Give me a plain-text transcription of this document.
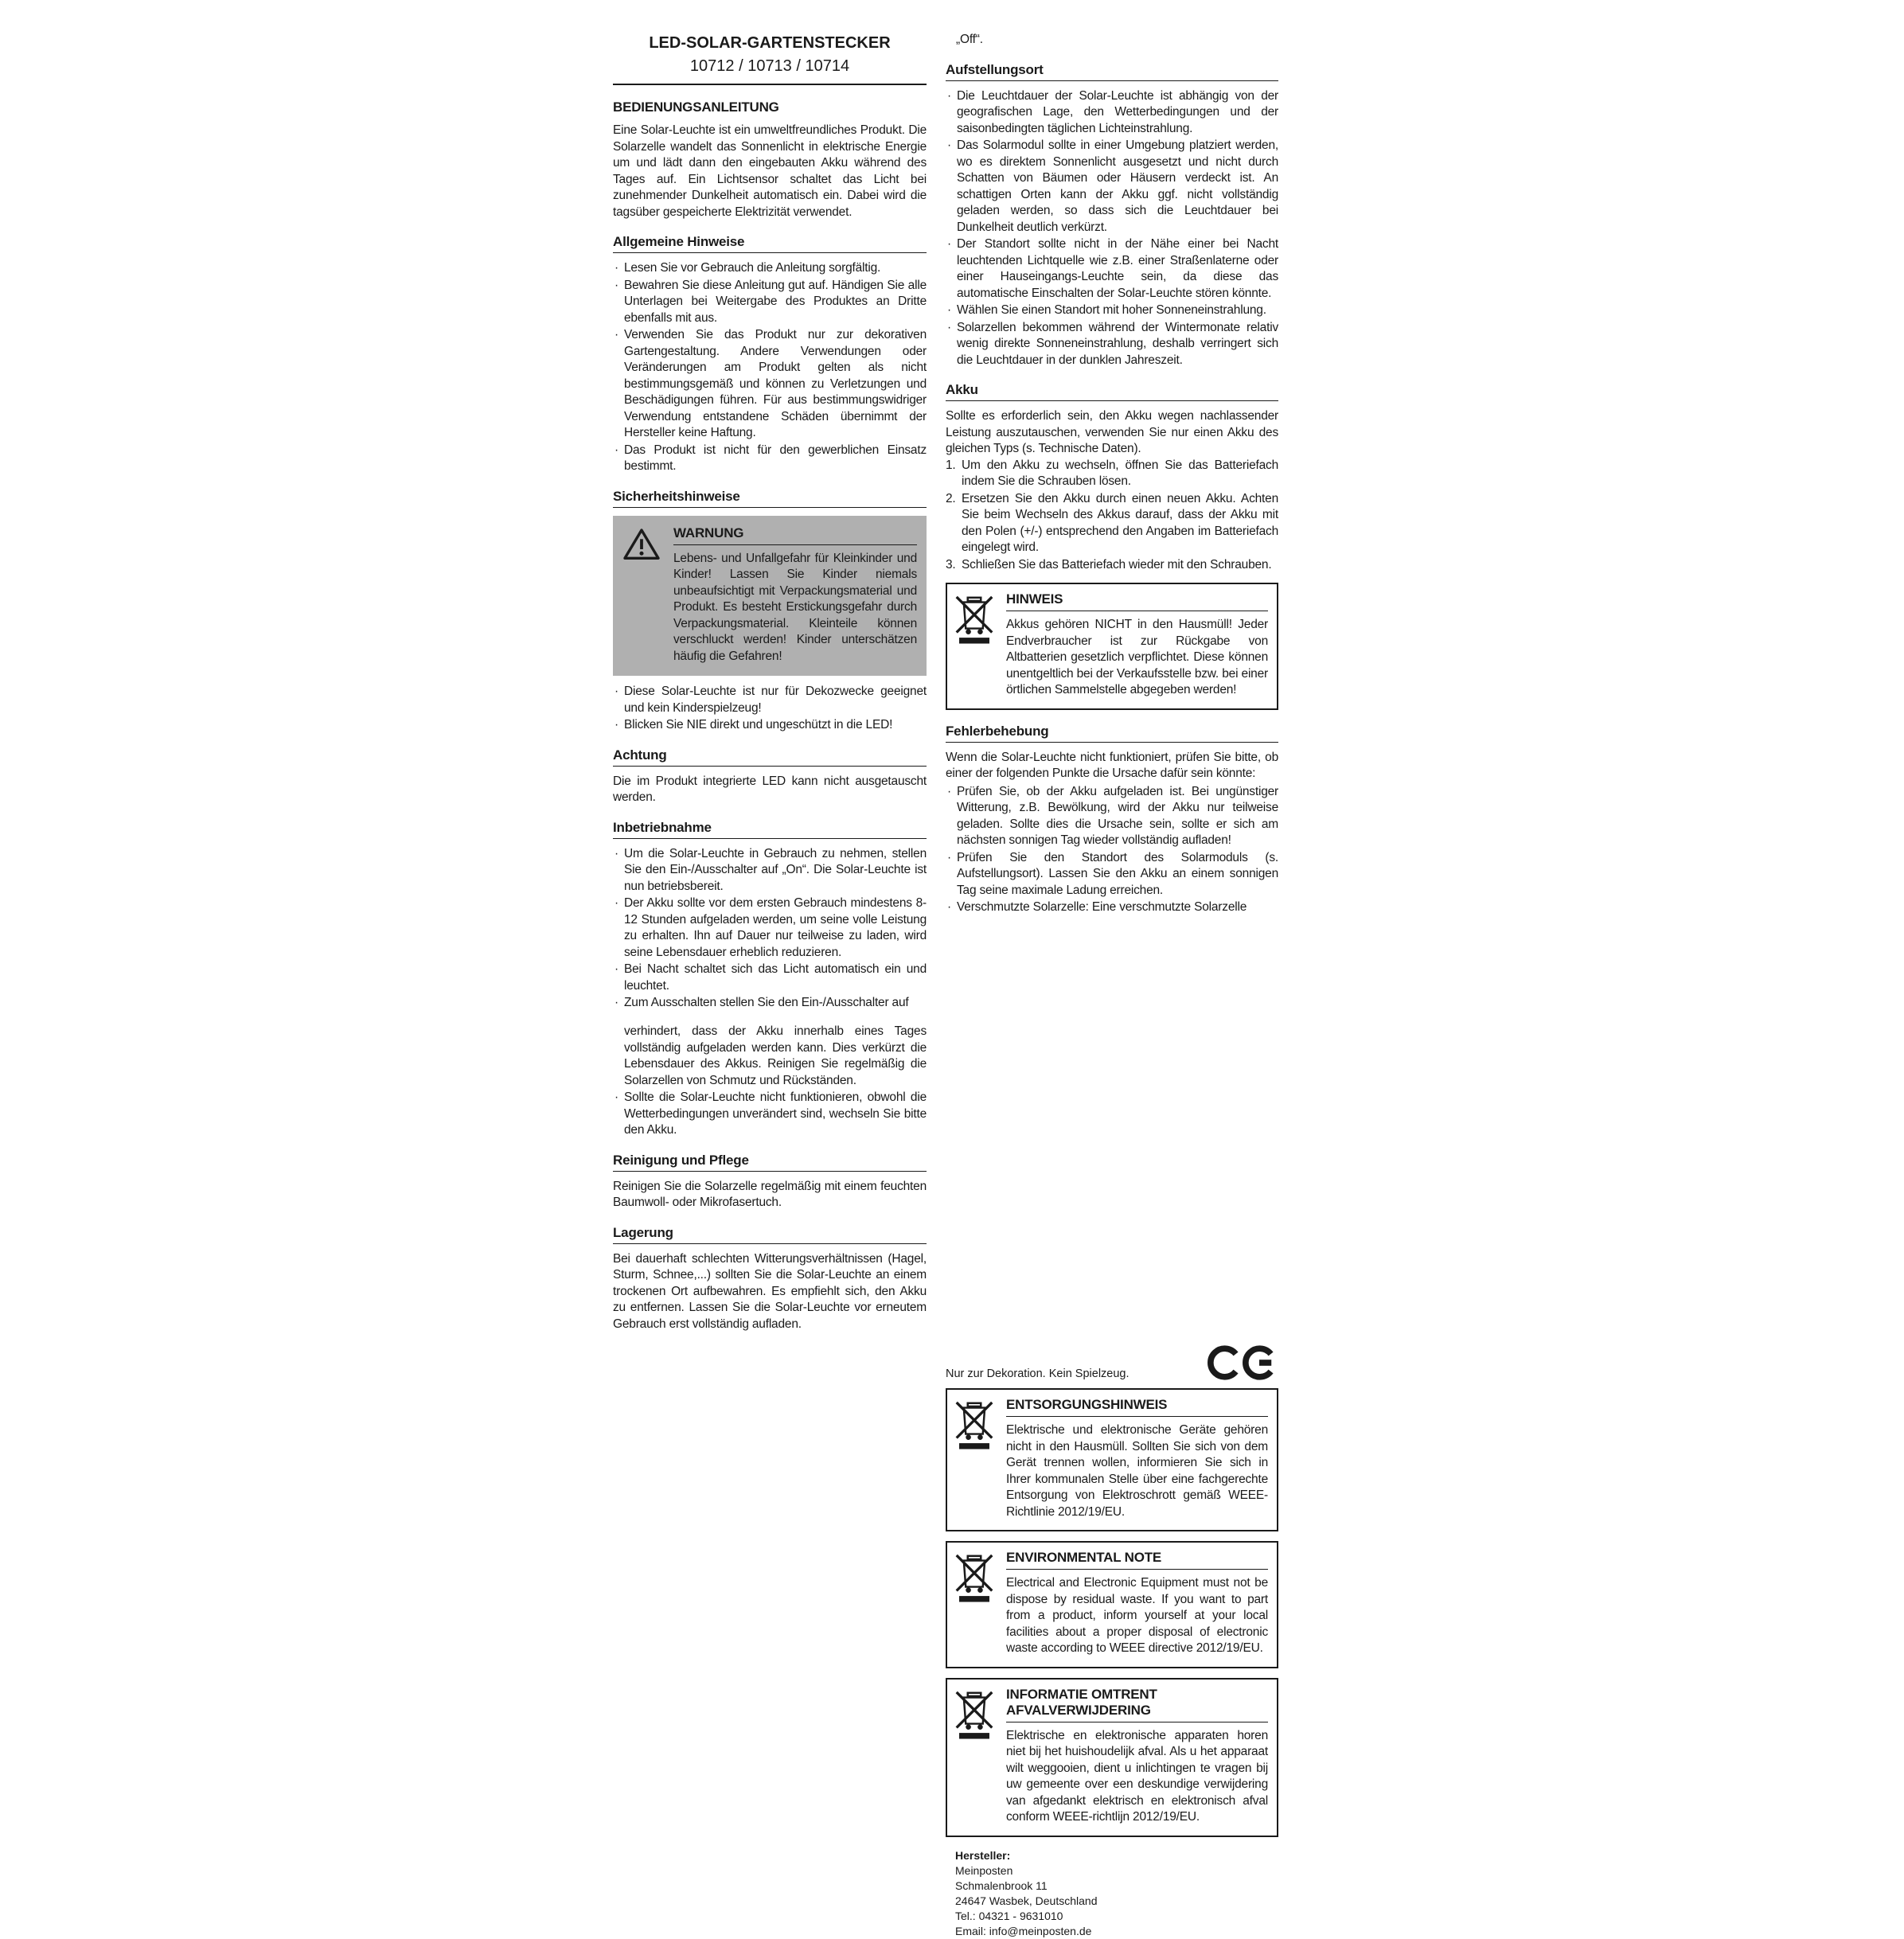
LED-SOLAR-GARTENSTECKER
10712 / 10713 / 10714
BEDIENUNGSANLEITUNG

Eine Solar-Leuchte ist ein umweltfreundliches Produkt. Die Solarzelle wandelt das Sonnenlicht in elektrische Energie um und lädt dann den eingebauten Akku während des Tages auf. Ein Lichtsensor schaltet das Licht bei zunehmender Dunkelheit automatisch ein. Dabei wird die tagsüber gespeicherte Elektrizität verwendet.

Allgemeine Hinweise
· Lesen Sie vor Gebrauch die Anleitung sorgfältig.
· Bewahren Sie diese Anleitung gut auf. Händigen Sie alle Unterlagen bei Weitergabe des Produktes an Dritte ebenfalls mit aus.
· Verwenden Sie das Produkt nur zur dekorativen Gartengestaltung. Andere Verwendungen oder Veränderungen am Produkt gelten als nicht bestimmungsgemäß und können zu Verletzungen und Beschädigungen führen. Für aus bestimmungswidriger Verwendung entstandene Schäden übernimmt der Hersteller keine Haftung.
· Das Produkt ist nicht für den gewerblichen Einsatz bestimmt.
Sicherheitshinweise
WARNUNG

Lebens- und Unfallgefahr für Kleinkinder und Kinder! Lassen Sie Kinder niemals unbeaufsichtigt mit Verpackungsmaterial und Produkt. Es besteht Erstickungsgefahr durch Verpackungsmaterial. Kleinteile können verschluckt werden! Kinder unterschätzen häufig die Gefahren!

· Diese Solar-Leuchte ist nur für Dekozwecke geeignet und kein Kinderspielzeug!
· Blicken Sie NIE direkt und ungeschützt in die LED!
Achtung

Die im Produkt integrierte LED kann nicht ausgetauscht werden.

Inbetriebnahme
· Um die Solar-Leuchte in Gebrauch zu nehmen, stellen Sie den Ein-/Ausschalter auf „On“. Die Solar-Leuchte ist nun betriebsbereit.
· Der Akku sollte vor dem ersten Gebrauch mindestens 8-12 Stunden aufgeladen werden, um seine volle Leistung zu erhalten. Ihn auf Dauer nur teilweise zu laden, wird seine Lebensdauer erheblich reduzieren.
· Bei Nacht schaltet sich das Licht automatisch ein und leuchtet.
· Zum Ausschalten stellen Sie den Ein-/Ausschalter auf
verhindert, dass der Akku innerhalb eines Tages vollständig aufgeladen werden kann. Dies verkürzt die Lebensdauer des Akkus. Reinigen Sie regelmäßig die Solarzellen von Schmutz und Rückständen.
· Sollte die Solar-Leuchte nicht funktionieren, obwohl die Wetterbedingungen unverändert sind, wechseln Sie bitte den Akku.
Reinigung und Pflege

Reinigen Sie die Solarzelle regelmäßig mit einem feuchten Baumwoll- oder Mikrofasertuch.

Lagerung

Bei dauerhaft schlechten Witterungsverhältnissen (Hagel, Sturm, Schnee,...) sollten Sie die Solar-Leuchte an einem trockenen Ort aufbewahren. Es empfiehlt sich, den Akku zu entfernen. Lassen Sie die Solar-Leuchte vor erneutem Gebrauch erst vollständig aufladen.

„Off“.

Aufstellungsort
· Die Leuchtdauer der Solar-Leuchte ist abhängig von der geografischen Lage, den Wetterbedingungen und der saisonbedingten täglichen Lichteinstrahlung.
· Das Solarmodul sollte in einer Umgebung platziert werden, wo es direktem Sonnenlicht ausgesetzt und nicht durch Schatten von Bäumen oder Häusern verdeckt ist. An schattigen Orten kann der Akku ggf. nicht vollständig geladen werden, so dass sich die Leuchtdauer bei Dunkelheit deutlich verkürzt.
· Der Standort sollte nicht in der Nähe einer bei Nacht leuchtenden Lichtquelle wie z.B. einer Straßenlaterne oder einer Hauseingangs-Leuchte sein, da diese das automatische Einschalten der Solar-Leuchte stören könnte.
· Wählen Sie einen Standort mit hoher Sonneneinstrahlung.
· Solarzellen bekommen während der Wintermonate relativ wenig direkte Sonneneinstrahlung, deshalb verringert sich die Leuchtdauer in der dunklen Jahreszeit.
Akku

Sollte es erforderlich sein, den Akku wegen nachlassender Leistung auszutauschen, verwenden Sie nur einen Akku des gleichen Typs (s. Technische Daten).

Um den Akku zu wechseln, öffnen Sie das Batteriefach indem Sie die Schrauben lösen.
Ersetzen Sie den Akku durch einen neuen Akku. Achten Sie beim Wechseln des Akkus darauf, dass der Akku mit den Polen (+/-) entsprechend den Angaben im Batteriefach eingelegt wird.
Schließen Sie das Batteriefach wieder mit den Schrauben.
HINWEIS

Akkus gehören NICHT in den Hausmüll! Jeder Endverbraucher ist zur Rückgabe von Altbatterien gesetzlich verpflichtet. Diese können unentgeltlich bei der Verkaufsstelle bzw. bei einer örtlichen Sammelstelle abgegeben werden!

Fehlerbehebung

Wenn die Solar-Leuchte nicht funktioniert, prüfen Sie bitte, ob einer der folgenden Punkte die Ursache dafür sein könnte:

· Prüfen Sie, ob der Akku aufgeladen ist. Bei ungünstiger Witterung, z.B. Bewölkung, wird der Akku nur teilweise geladen. Sollte dies die Ursache sein, sollte er sich am nächsten sonnigen Tag wieder vollständig aufladen!
· Prüfen Sie den Standort des Solarmoduls (s. Aufstellungsort). Lassen Sie den Akku an einem sonnigen Tag seine maximale Ladung erreichen.
· Verschmutzte Solarzelle: Eine verschmutzte Solarzelle

Nur zur Dekoration. Kein Spielzeug.

ENTSORGUNGSHINWEIS

Elektrische und elektronische Geräte gehören nicht in den Hausmüll. Sollten Sie sich von dem Gerät trennen wollen, informieren Sie sich in Ihrer kommunalen Stelle über eine fachgerechte Entsorgung von Elektroschrott gemäß WEEE-Richtlinie 2012/19/EU.

ENVIRONMENTAL NOTE

Electrical and Electronic Equipment must not be dispose by residual waste. If you want to part from a product, inform yourself at your local facilities about a proper disposal of electronic waste according to WEEE directive 2012/19/EU.

INFORMATIE OMTRENT AFVALVERWIJDERING

Elektrische en elektronische apparaten horen niet bij het huishoudelijk afval. Als u het apparaat wilt weggooien, dient u inlichtingen te vragen bij uw gemeente over een deskundige verwijdering van afgedankt elektrisch en elektronisch afval conform WEEE-richtlijn 2012/19/EU.

Hersteller:
Meinposten
Schmalenbrook 11
24647 Wasbek, Deutschland
Tel.: 04321 - 9631010
Email: info@meinposten.de
